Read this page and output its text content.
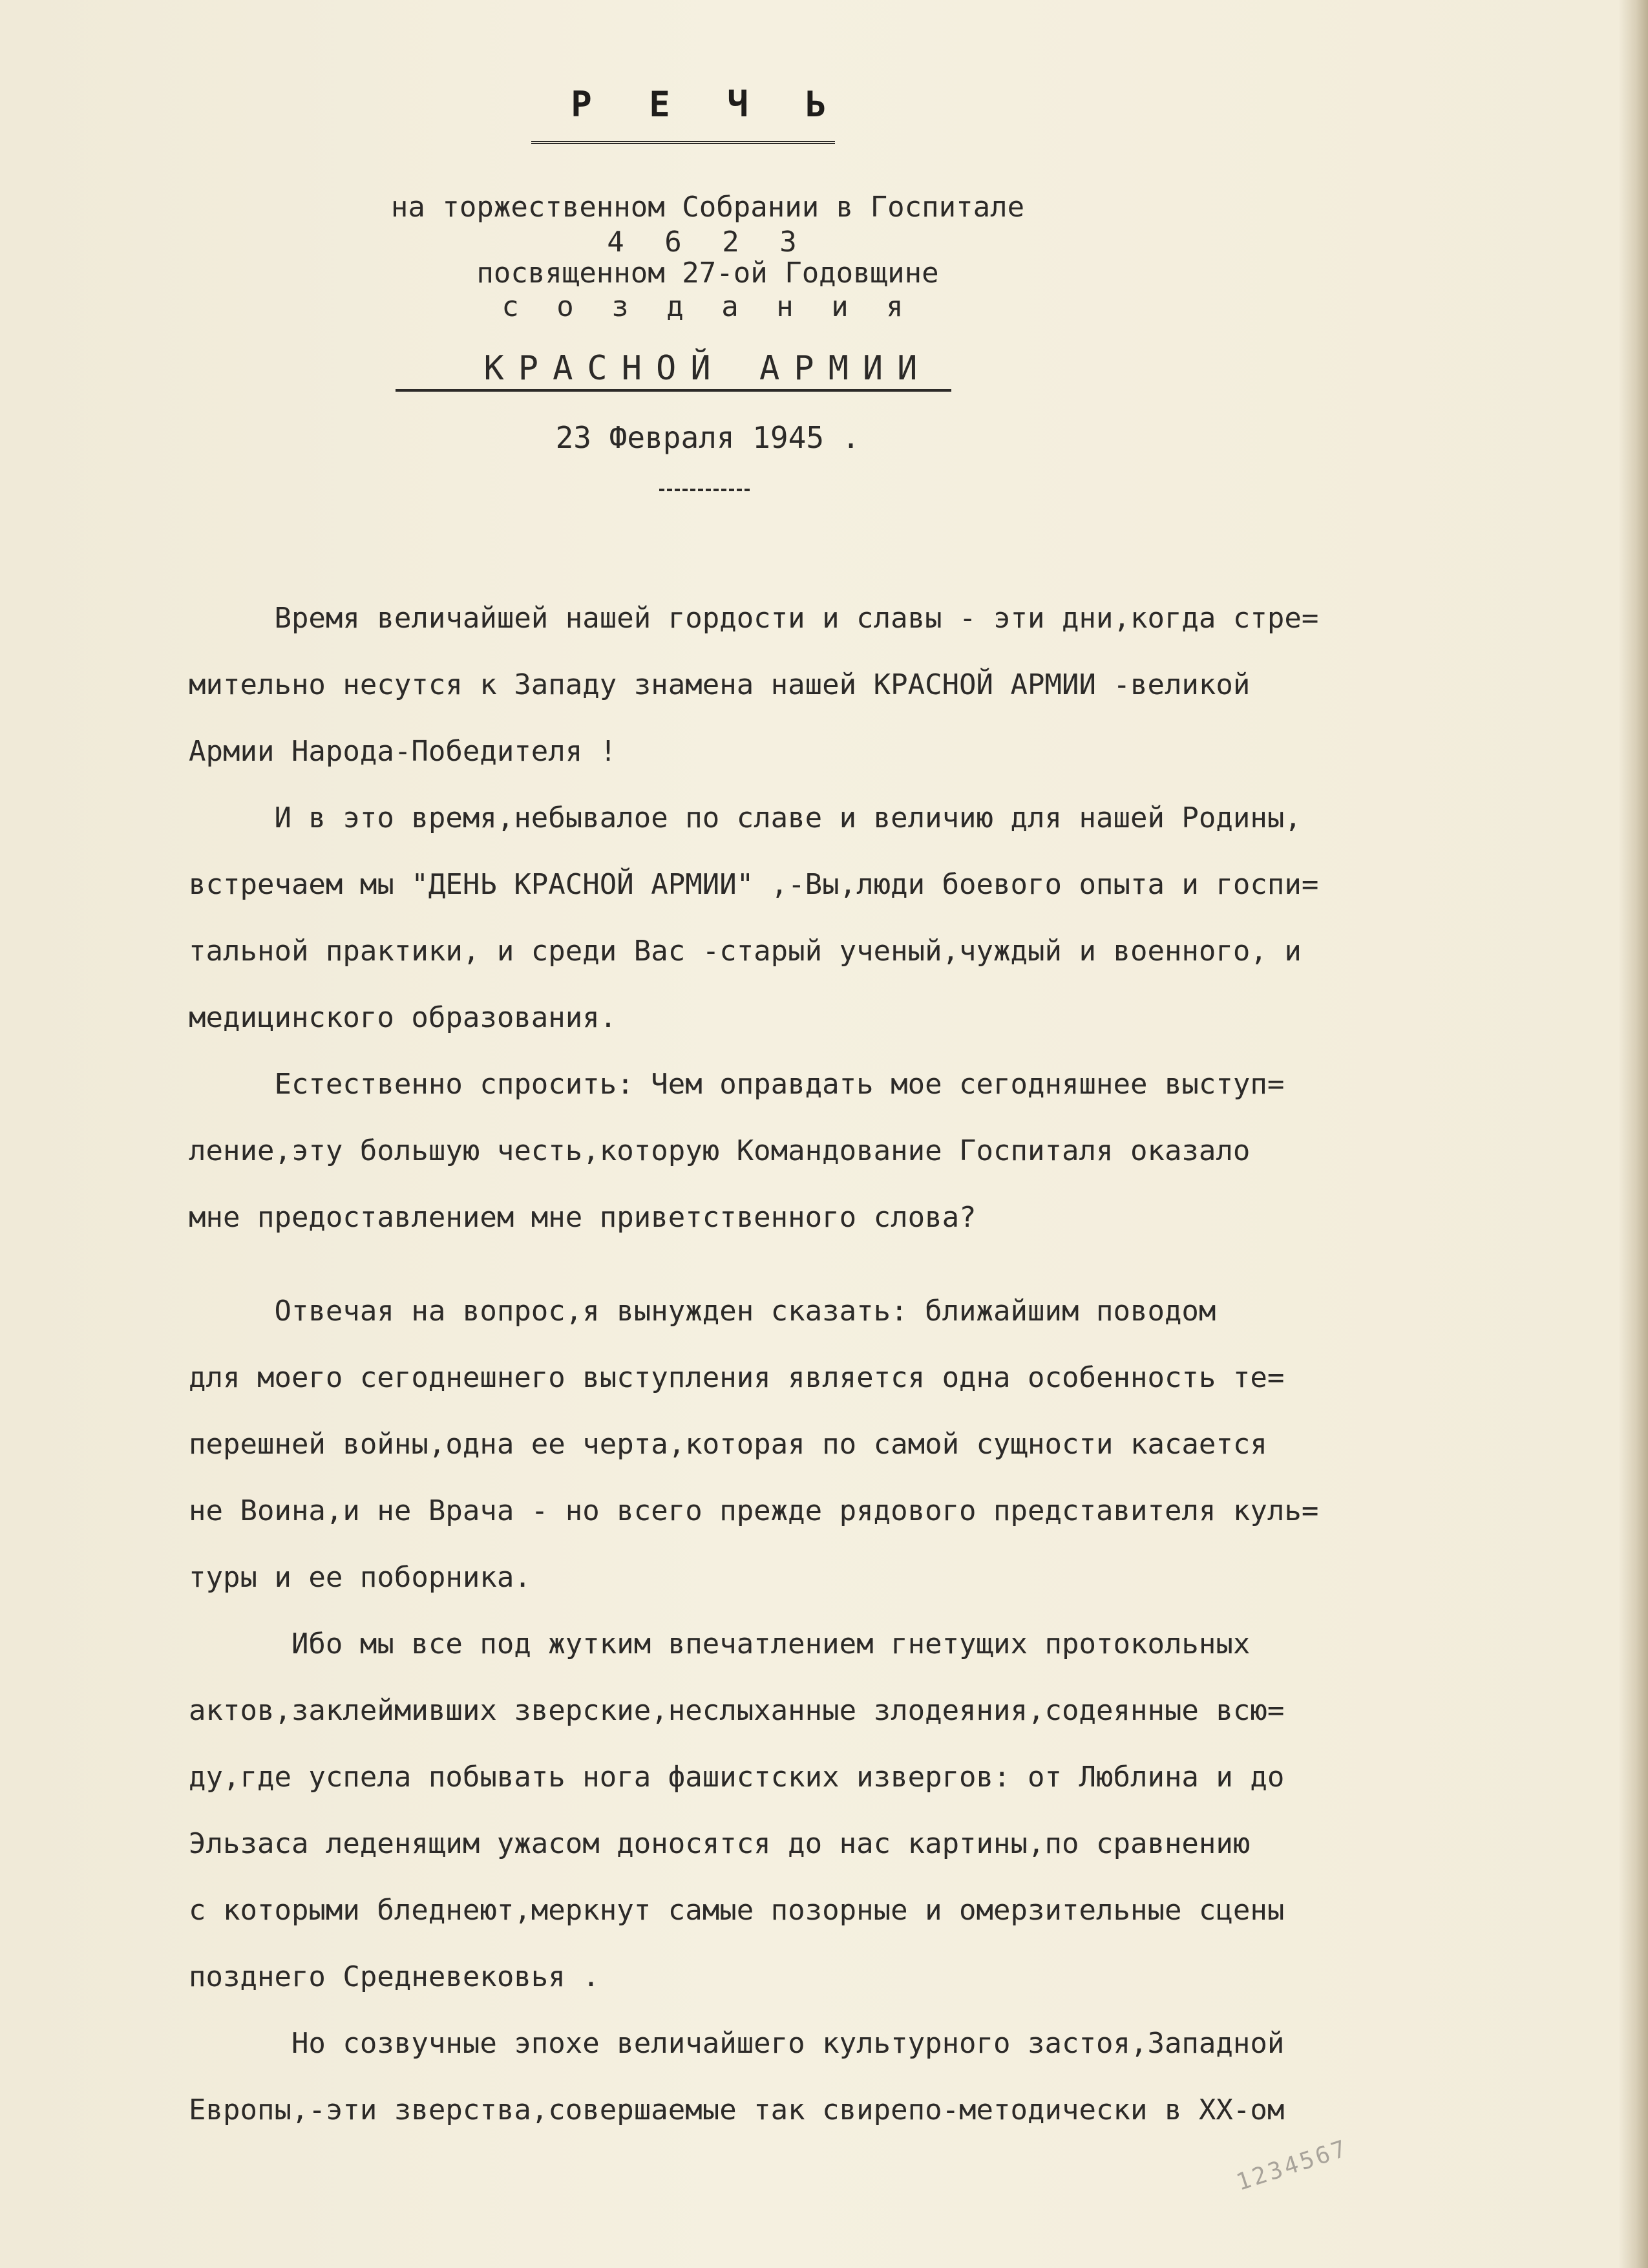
Р Е Ч Ь
на торжественном Собрании в Госпитале
4 6 2 3
посвященном 27-ой Годовщине
с о з д а н и я
КРАСНОЙ АРМИИ
23 Февраля 1945 .
Время величайшей нашей гордости и славы - эти дни,когда стре=
мительно несутся к Западу знамена нашей КРАСНОЙ АРМИИ -великой
Армии Народа-Победителя !
И в это время,небывалое по славе и величию для нашей Родины,
встречаем мы "ДЕНЬ КРАСНОЙ АРМИИ" ,-Вы,люди боевого опыта и госпи=
тальной практики, и среди Вас -старый ученый,чуждый и военного, и
медицинского образования.
Естественно спросить: Чем оправдать мое сегодняшнее выступ=
ление,эту большую честь,которую Командование Госпиталя оказало
мне предоставлением мне приветственного слова?
Отвечая на вопрос,я вынужден сказать: ближайшим поводом
для моего сегоднешнего выступления является одна особенность те=
перешней войны,одна ее черта,которая по самой сущности касается
не Воина,и не Врача - но всего прежде рядового представителя куль=
туры и ее поборника.
Ибо мы все под жутким впечатлением гнетущих протокольных
актов,заклеймивших зверские,неслыханные злодеяния,содеянные всю=
ду,где успела побывать нога фашистских извергов: от Люблина и до
Эльзаса леденящим ужасом доносятся до нас картины,по сравнению
с которыми бледнеют,меркнут самые позорные и омерзительные сцены
позднего Средневековья .
Но созвучные эпохе величайшего культурного застоя,Западной
Европы,-эти зверства,совершаемые так свирепо-методически в ХХ-ом
1234567
